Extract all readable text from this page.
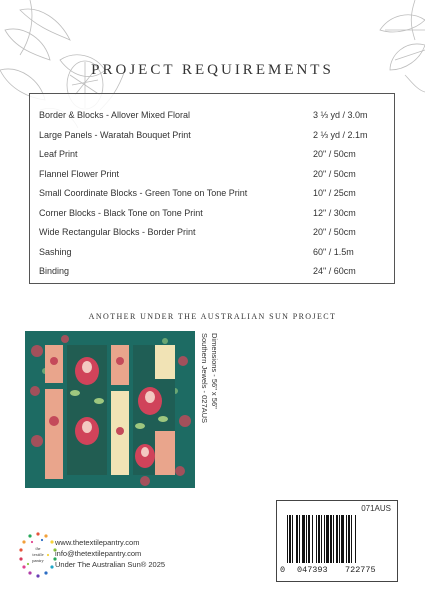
PROJECT REQUIREMENTS
Border & Blocks - Allover Mixed Floral	3 ⅓ yd / 3.0m
Large Panels - Waratah Bouquet Print	2 ⅓ yd / 2.1m
Leaf Print	20" / 50cm
Flannel Flower Print	20" / 50cm
Small Coordinate Blocks - Green Tone on Tone Print	10" / 25cm
Corner Blocks - Black Tone on Tone Print	12" / 30cm
Wide Rectangular Blocks - Border Print	20" / 50cm
Sashing	60" / 1.5m
Binding	24" / 60cm
ANOTHER UNDER THE AUSTRALIAN SUN PROJECT
Southern Jewels - 027AUS Dimensions - 56" x 56"
the
textile
pantry
www.thetextilepantry.com
info@thetextilepantry.com
Under The Australian Sun® 2025
071AUS
0 047393 722775
